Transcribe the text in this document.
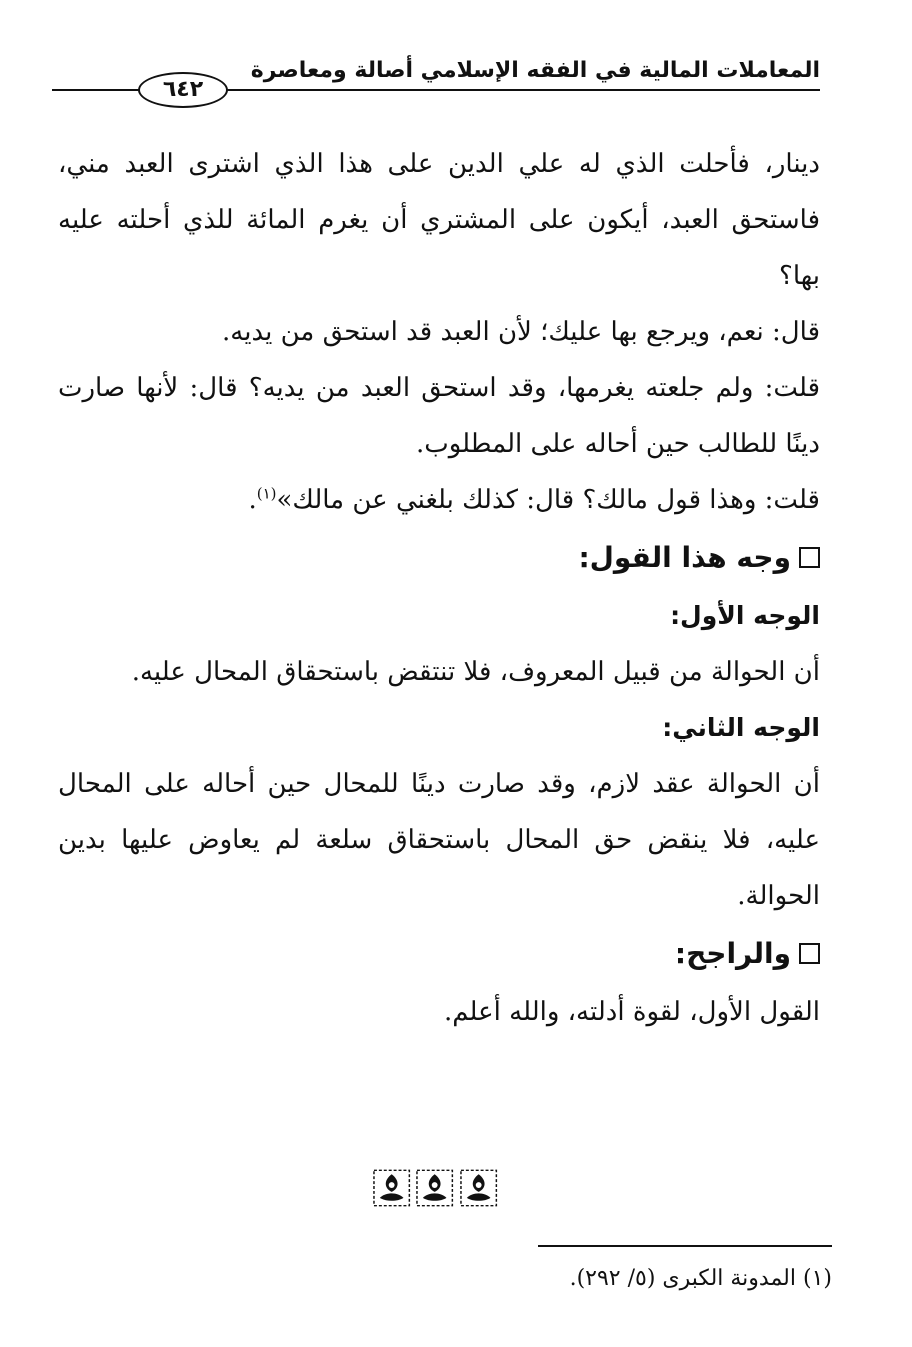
المعاملات المالية في الفقه الإسلامي أصالة ومعاصرة
٦٤٢

دينار، فأحلت الذي له علي الدين على هذا الذي اشترى العبد مني، فاستحق العبد، أيكون على المشتري أن يغرم المائة للذي أحلته عليه بها؟

قال: نعم، ويرجع بها عليك؛ لأن العبد قد استحق من يديه.

قلت: ولم جلعته يغرمها، وقد استحق العبد من يديه؟ قال: لأنها صارت دينًا للطالب حين أحاله على المطلوب.

قلت: وهذا قول مالك؟ قال: كذلك بلغني عن مالك»$^{(١)}$.

وجه هذا القول:

الوجه الأول:

أن الحوالة من قبيل المعروف، فلا تنتقض باستحقاق المحال عليه.

الوجه الثاني:

أن الحوالة عقد لازم، وقد صارت دينًا للمحال حين أحاله على المحال عليه، فلا ينقض حق المحال باستحقاق سلعة لم يعاوض عليها بدين الحوالة.

والراجح:

القول الأول، لقوة أدلته، والله أعلم.

(١) المدونة الكبرى (٥/ ٢٩٢).
